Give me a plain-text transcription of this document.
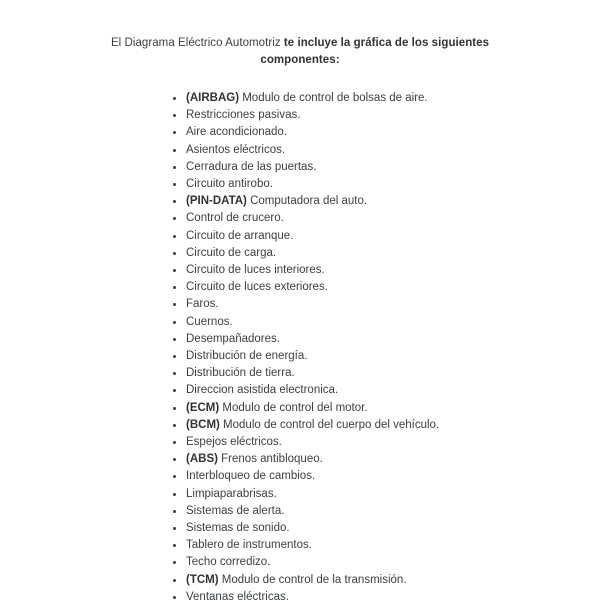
El Diagrama Eléctrico Automotriz te incluye la gráfica de los siguientes
componentes:
(AIRBAG) Modulo de control de bolsas de aire.
Restricciones pasivas.
Aire acondicionado.
Asientos eléctricos.
Cerradura de las puertas.
Circuito antirobo.
(PIN-DATA) Computadora del auto.
Control de crucero.
Circuito de arranque.
Circuito de carga.
Circuito de luces interiores.
Circuito de luces exteriores.
Faros.
Cuernos.
Desempañadores.
Distribución de energía.
Distribución de tierra.
Direccion asistida electronica.
(ECM) Modulo de control del motor.
(BCM) Modulo de control del cuerpo del vehículo.
Espejos eléctricos.
(ABS) Frenos antibloqueo.
Interbloqueo de cambios.
Limpiaparabrisas.
Sistemas de alerta.
Sistemas de sonido.
Tablero de instrumentos.
Techo corredizo.
(TCM) Modulo de control de la transmisión.
Ventanas eléctricas.
